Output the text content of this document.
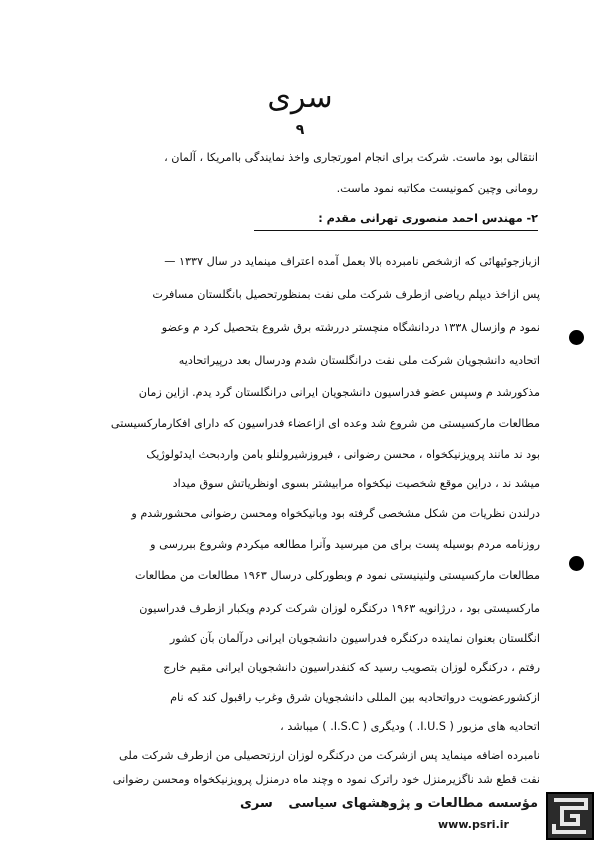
سری
۹
انتقالی بود ماست. شرکت برای انجام امورتجاری واخذ نمایندگی باامریکا ، آلمان ،
رومانی وچین کمونیست مکاتبه نمود ماست.
۲- مهندس احمد منصوری تهرانی مقدم :
ازبازجوئیهائی که ازشخص نامبرده بالا بعمل آمده اعتراف مینماید در سال ۱۳۳۷ —
پس ازاخذ دیپلم ریاضی ازطرف شرکت ملی نفت بمنظورتحصیل بانگلستان مسافرت
نمود م وازسال ۱۳۳۸ دردانشگاه منچستر دررشته برق شروع بتحصیل کرد م وعضو
اتحادیه دانشجویان شرکت ملی نفت درانگلستان شدم ودرسال بعد درپیراتحادیه
مذکورشد م وسپس عضو فدراسیون دانشجویان ایرانی درانگلستان گرد یدم. ازاین زمان
مطالعات مارکسیستی من شروع شد وعده ای ازاعضاء فدراسیون که دارای افکارمارکسیستی
بود ند مانند پرویزنیکخواه ، محسن رضوانی ، فیروزشیرولنلو بامن واردبحث ایدئولوژیک
میشد ند ، دراین موقع شخصیت نیکخواه مرابیشتر بسوی اونظریاتش سوق میداد
درلندن نظریات من شکل مشخصی گرفته بود وبانیکخواه ومحسن رضوانی محشورشدم و
روزنامه مردم بوسیله پست برای من میرسید وآنرا مطالعه میکردم وشروع ببررسی و
مطالعات مارکسیستی ولنینیستی نمود م وبطورکلی درسال ۱۹۶۳ مطالعات من مطالعات
مارکسیستی بود ، درژانویه ۱۹۶۳ درکنگره لوزان شرکت کردم ویکبار ازطرف فدراسیون
انگلستان بعنوان نماینده درکنگره فدراسیون دانشجویان ایرانی درآلمان بآن کشور
رفتم ، درکنگره لوزان بتصویب رسید که کنفدراسیون دانشجویان ایرانی مقیم خارج
ازکشورعضویت درواتحادیه بین المللی دانشجویان شرق وغرب راقبول کند که نام
اتحادیه های مزبور ( I.U.S. ) وديگری ( I.S.C. ) میباشد ،
نامبرده اضافه مینماید پس ازشرکت من درکنگره لوزان ارزتحصیلی من ازطرف شرکت ملی
نفت قطع شد ناگزیرمنزل خود راترک نمود ه وچند ماه درمنزل پرویزنیکخواه ومحسن رضوانی
سری مؤسسه مطالعات و پژوهشهای سیاسی
www.psri.ir
